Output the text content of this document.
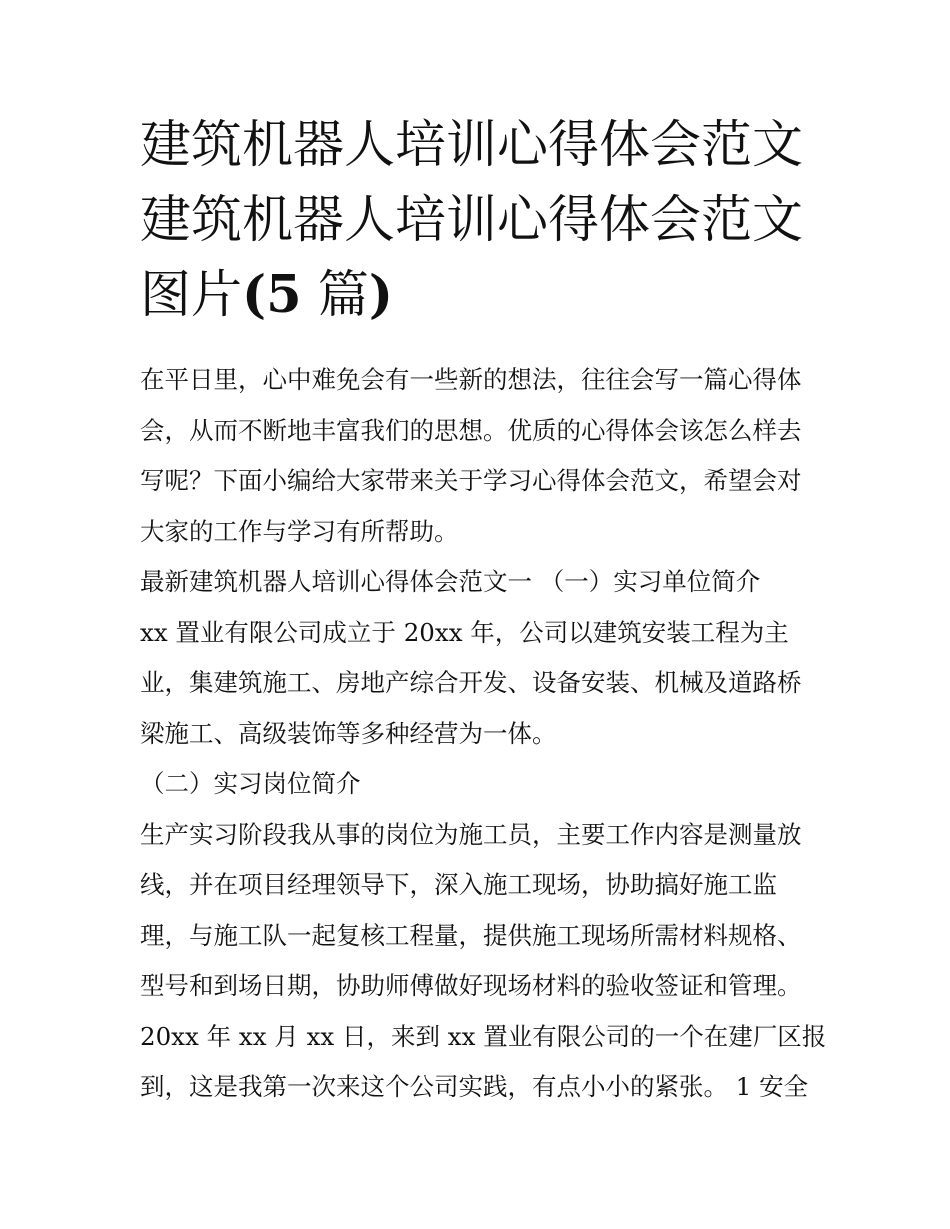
建筑机器人培训心得体会范文
建筑机器人培训心得体会范文
图片(5 篇)
在平日里，心中难免会有一些新的想法，往往会写一篇心得体
会，从而不断地丰富我们的思想。优质的心得体会该怎么样去
写呢？下面小编给大家带来关于学习心得体会范文，希望会对
大家的工作与学习有所帮助。
最新建筑机器人培训心得体会范文一 （一）实习单位简介
xx 置业有限公司成立于 20xx 年，公司以建筑安装工程为主
业，集建筑施工、房地产综合开发、设备安装、机械及道路桥
梁施工、高级装饰等多种经营为一体。
（二）实习岗位简介
生产实习阶段我从事的岗位为施工员，主要工作内容是测量放
线，并在项目经理领导下，深入施工现场，协助搞好施工监
理，与施工队一起复核工程量，提供施工现场所需材料规格、
型号和到场日期，协助师傅做好现场材料的验收签证和管理。
20xx 年 xx 月 xx 日，来到 xx 置业有限公司的一个在建厂区报
到，这是我第一次来这个公司实践，有点小小的紧张。 1 安全
